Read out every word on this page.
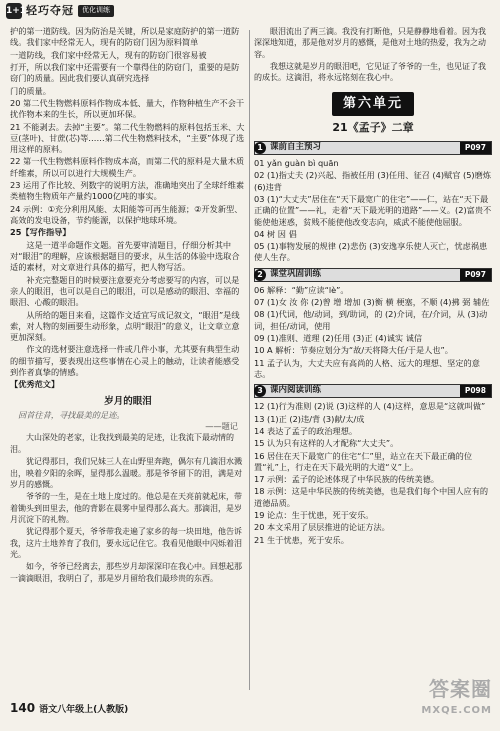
1+1 轻巧夺冠	优化训练

护的第一道防线。因为防治是关键，所以是家庭防护的第一道防线。我们家中经常无人，现有的防窃门因为原料简单

一道防线，我们家中经常无人，现有的防窃门很容易被

打开，所以我们家中还需要有一个靠得住的防窃门，重要的是防窃门的质量。因此我们要认真研究选择

门的质量。

20 第二代生物燃料原料作物成本低、量大，作物种植生产不会干扰作物本来的生长，所以更加环保。

21 不能剥去。去掉“主要”。第二代生物燃料的原料包括玉米、大豆(茎叶)、甘蔗(芯)等……第二代生物燃料技术，“主要”体现了选用这样的原料。

22 第一代生物燃料原料作物成本高，而第二代的原料是大量木质纤维素，所以可以进行大规模生产。

23 运用了作比较、列数字的说明方法，准确地突出了全球纤维素类植物生物质年产量约1000亿吨的事实。

24 示例：①充分利用风能、太阳能等可再生能源；②开发新型、高效的发电设备，节约能源，以保护地球环境。

25【写作指导】

这是一道半命题作文题。首先要审清题目，仔细分析其中对“眼泪”的理解，应该根据题目的要求，从生活的体验中选取合适的素材，对文章进行具体的描写，把人物写活。

补充完整题目的时候要注意要充分考虑要写的内容，可以是亲人的眼泪，也可以是自己的眼泪，可以是感动的眼泪、幸福的眼泪、心酸的眼泪。

从所给的题目来看，这篇作文适宜写成记叙文，“眼泪”是线索，对人物的刻画要生动形象，点明“眼泪”的意义，让文章立意更加深刻。

作文的选材要注意选择一件或几件小事，尤其要有典型生动的细节描写，要表现出这些事情在心灵上的触动，让读者能感受到作者真挚的情感。

【优秀范文】

岁月的眼泪
回首往昔，寻找最美的足迹。
——题记

大山深处的老家，让我找到最美的足迹，让我流下最动情的泪。

犹记得那日，我们兄妹三人在山野里奔跑，偶尔有几滴泪水溅出，映着夕阳的余晖，显得那么温暖。那是爷爷留下的泪，满是对岁月的感慨。

爷爷的一生，是在土地上度过的。他总是在天亮前就起床，带着锄头到田里去，他的背影在晨雾中显得那么高大。那滴泪，是岁月沉淀下的礼物。

犹记得那个夏天，爷爷带我走遍了家乡的每一块田地，他告诉我，这片土地养育了我们，要永远记住它。我看见他眼中闪烁着泪光。

如今，爷爷已经离去，那些岁月却深深印在我心中。回想起那一滴滴眼泪，我明白了，那是岁月留给我们最珍贵的东西。

眼泪流出了两三滴。我没有打断他，只是静静地看着。因为我深深地知道，那是他对岁月的感慨，是他对土地的热爱，我为之动容。

我想这就是岁月的眼泪吧，它见证了爷爷的一生，也见证了我的成长。这滴泪，将永远铭刻在我心中。

第六单元
21《孟子》二章
1 课前自主预习	P097

01 yǎn guàn bì quān

02 (1)指丈夫 (2)兴起、指被任用 (3)任用、征召 (4)赋官 (5)磨炼 (6)违背

03 (1)“大丈夫”居住在“天下最宽广的住宅”——仁，站在“天下最正确的位置”——礼，走着“天下最光明的道路”——义。(2)富贵不能使他迷惑，贫贱不能使他改变志向，威武不能使他屈服。

04 树 因 倡

05 (1)事物发展的规律 (2)悲伤 (3)安逸享乐使人灭亡，忧虑祸患使人生存。

2 课堂巩固训练	P097

06 解释：“勤”应读“lè”。

07 (1)女 汝 你 (2)曾 增 增加 (3)衡 横 梗塞，不顺 (4)拂 弼 辅佐

08 (1)代词，他/动词，到/助词，的 (2)介词，在/介词，从 (3)动词，担任/动词，使用

09 (1)准则、道理 (2)任用 (3)正 (4)诚实 诚信

10 A 解析：节奏应划分为“故/天将降大任/于是人也”。

11 孟子认为，大丈夫应有高尚的人格、远大的理想、坚定的意志。

3 课内阅读训练	P098

12 (1)行为准则 (2)说 (3)这样的人 (4)这样，意思是“这就叫做”

13 (1)正 (2)违/背 (3)献/太/成

14 表达了孟子的政治理想。

15 认为只有这样的人才配称“大丈夫”。

16 居住在天下最宽广的住宅“仁”里，站立在天下最正确的位置“礼”上，行走在天下最光明的大道“义”上。

17 示例：孟子的论述体现了中华民族的传统美德。

18 示例：这是中华民族的传统美德，也是我们每个中国人应有的道德品质。

19 论点：生于忧患，死于安乐。

20 本文采用了层层推进的论证方法。

21 生于忧患，死于安乐。

140 语文八年级上(人教版)
答案圈
MXQE.COM
